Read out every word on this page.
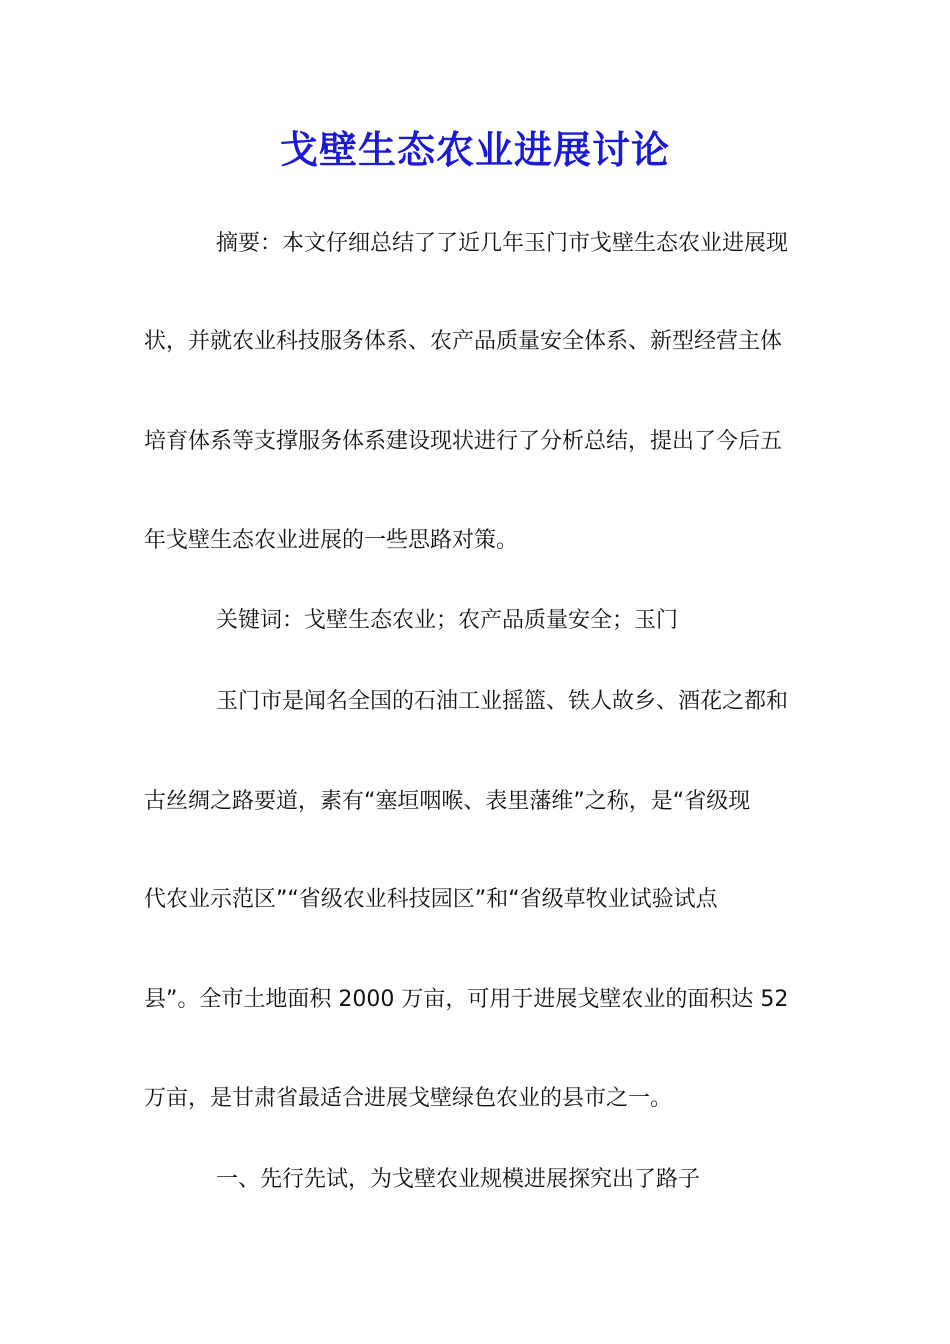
戈壁生态农业进展讨论
摘要：本文仔细总结了了近几年玉门市戈壁生态农业进展现
状，并就农业科技服务体系、农产品质量安全体系、新型经营主体
培育体系等支撑服务体系建设现状进行了分析总结，提出了今后五
年戈壁生态农业进展的一些思路对策。
关键词：戈壁生态农业；农产品质量安全；玉门
玉门市是闻名全国的石油工业摇篮、铁人故乡、酒花之都和
古丝绸之路要道，素有“塞垣咽喉、表里藩维”之称，是“省级现
代农业示范区”“省级农业科技园区”和“省级草牧业试验试点
县”。全市土地面积 2000 万亩，可用于进展戈壁农业的面积达 52
万亩，是甘肃省最适合进展戈壁绿色农业的县市之一。
一、先行先试，为戈壁农业规模进展探究出了路子
